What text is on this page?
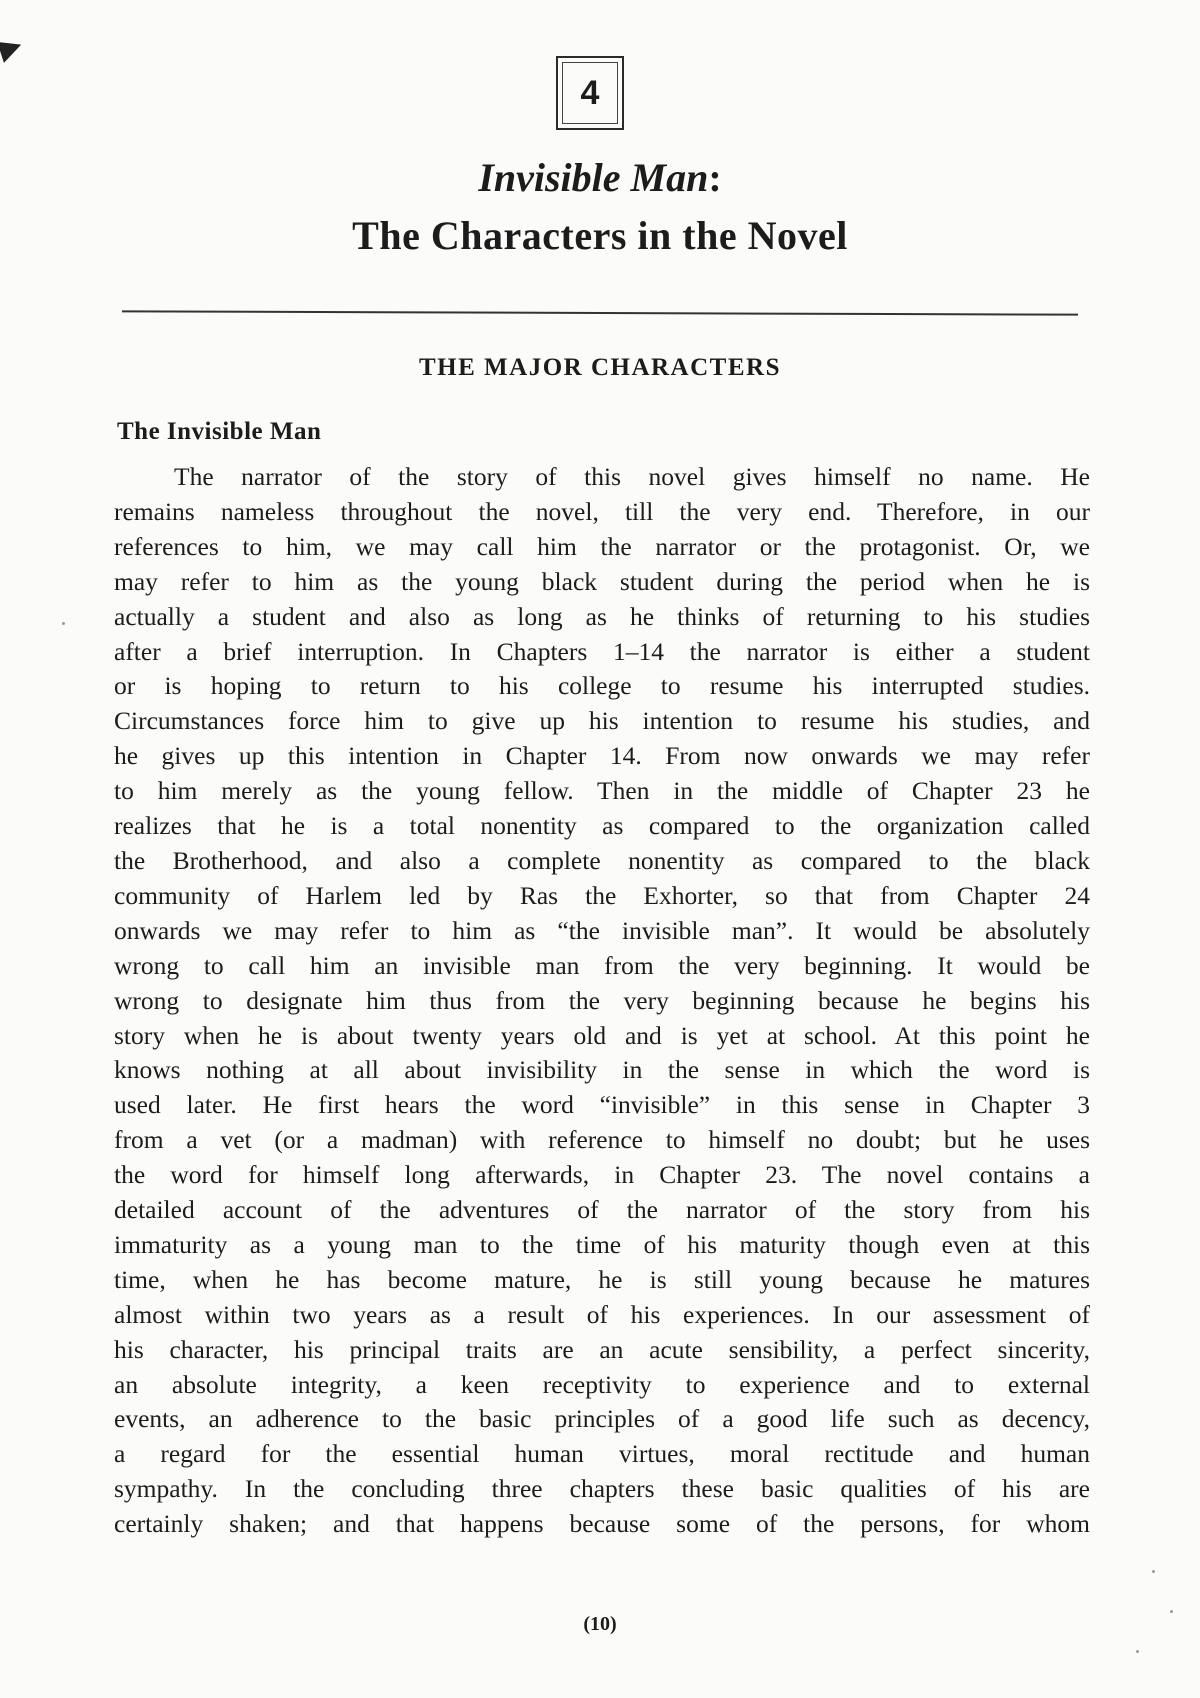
4
Invisible Man:
The Characters in the Novel
THE MAJOR CHARACTERS
The Invisible Man
The narrator of the story of this novel gives himself no name. He
remains nameless throughout the novel, till the very end. Therefore, in our
references to him, we may call him the narrator or the protagonist. Or, we
may refer to him as the young black student during the period when he is
actually a student and also as long as he thinks of returning to his studies
after a brief interruption. In Chapters 1–14 the narrator is either a student
or is hoping to return to his college to resume his interrupted studies.
Circumstances force him to give up his intention to resume his studies, and
he gives up this intention in Chapter 14. From now onwards we may refer
to him merely as the young fellow. Then in the middle of Chapter 23 he
realizes that he is a total nonentity as compared to the organization called
the Brotherhood, and also a complete nonentity as compared to the black
community of Harlem led by Ras the Exhorter, so that from Chapter 24
onwards we may refer to him as “the invisible man”. It would be absolutely
wrong to call him an invisible man from the very beginning. It would be
wrong to designate him thus from the very beginning because he begins his
story when he is about twenty years old and is yet at school. At this point he
knows nothing at all about invisibility in the sense in which the word is
used later. He first hears the word “invisible” in this sense in Chapter 3
from a vet (or a madman) with reference to himself no doubt; but he uses
the word for himself long afterwards, in Chapter 23. The novel contains a
detailed account of the adventures of the narrator of the story from his
immaturity as a young man to the time of his maturity though even at this
time, when he has become mature, he is still young because he matures
almost within two years as a result of his experiences. In our assessment of
his character, his principal traits are an acute sensibility, a perfect sincerity,
an absolute integrity, a keen receptivity to experience and to external
events, an adherence to the basic principles of a good life such as decency,
a regard for the essential human virtues, moral rectitude and human
sympathy. In the concluding three chapters these basic qualities of his are
certainly shaken; and that happens because some of the persons, for whom
(10)
